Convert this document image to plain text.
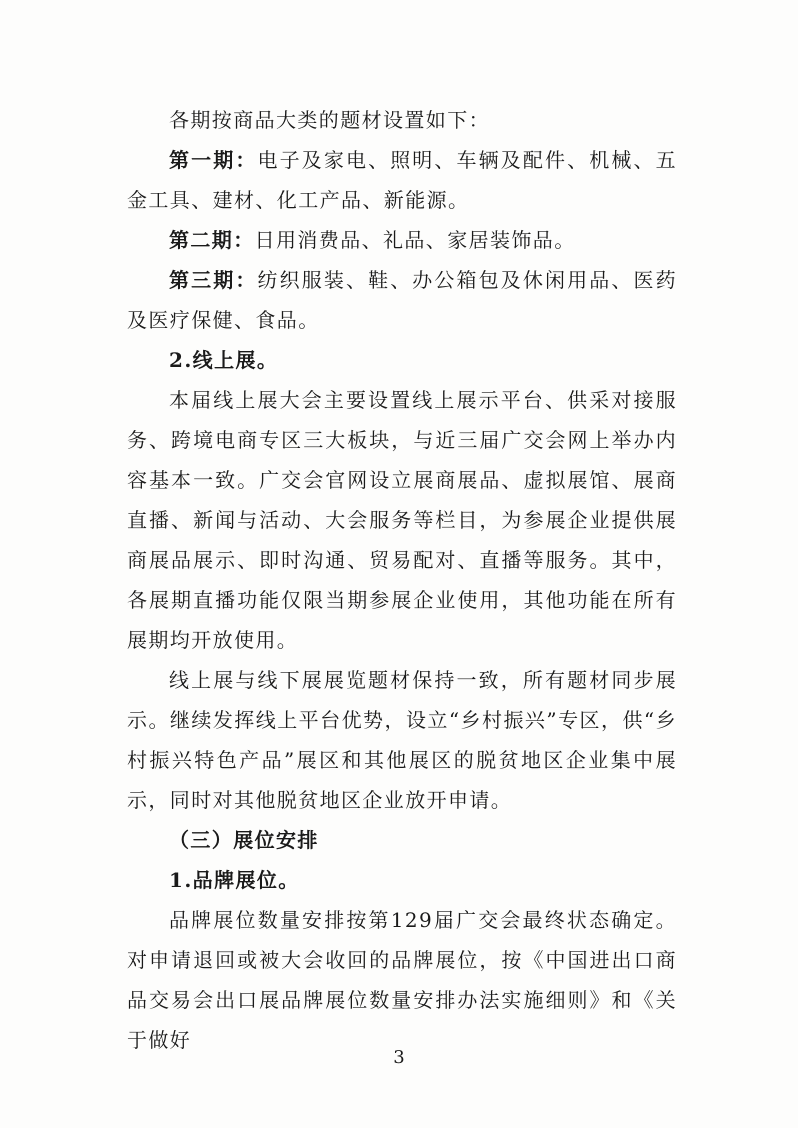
各期按商品大类的题材设置如下：

第一期：电子及家电、照明、车辆及配件、机械、五金工具、建材、化工产品、新能源。

第二期：日用消费品、礼品、家居装饰品。

第三期：纺织服装、鞋、办公箱包及休闲用品、医药及医疗保健、食品。

2.线上展。

本届线上展大会主要设置线上展示平台、供采对接服务、跨境电商专区三大板块，与近三届广交会网上举办内容基本一致。广交会官网设立展商展品、虚拟展馆、展商直播、新闻与活动、大会服务等栏目，为参展企业提供展商展品展示、即时沟通、贸易配对、直播等服务。其中，各展期直播功能仅限当期参展企业使用，其他功能在所有展期均开放使用。

线上展与线下展展览题材保持一致，所有题材同步展示。继续发挥线上平台优势，设立“乡村振兴”专区，供“乡村振兴特色产品”展区和其他展区的脱贫地区企业集中展示，同时对其他脱贫地区企业放开申请。

（三）展位安排

1.品牌展位。

品牌展位数量安排按第129届广交会最终状态确定。对申请退回或被大会收回的品牌展位，按《中国进出口商品交易会出口展品牌展位数量安排办法实施细则》和《关于做好

3
